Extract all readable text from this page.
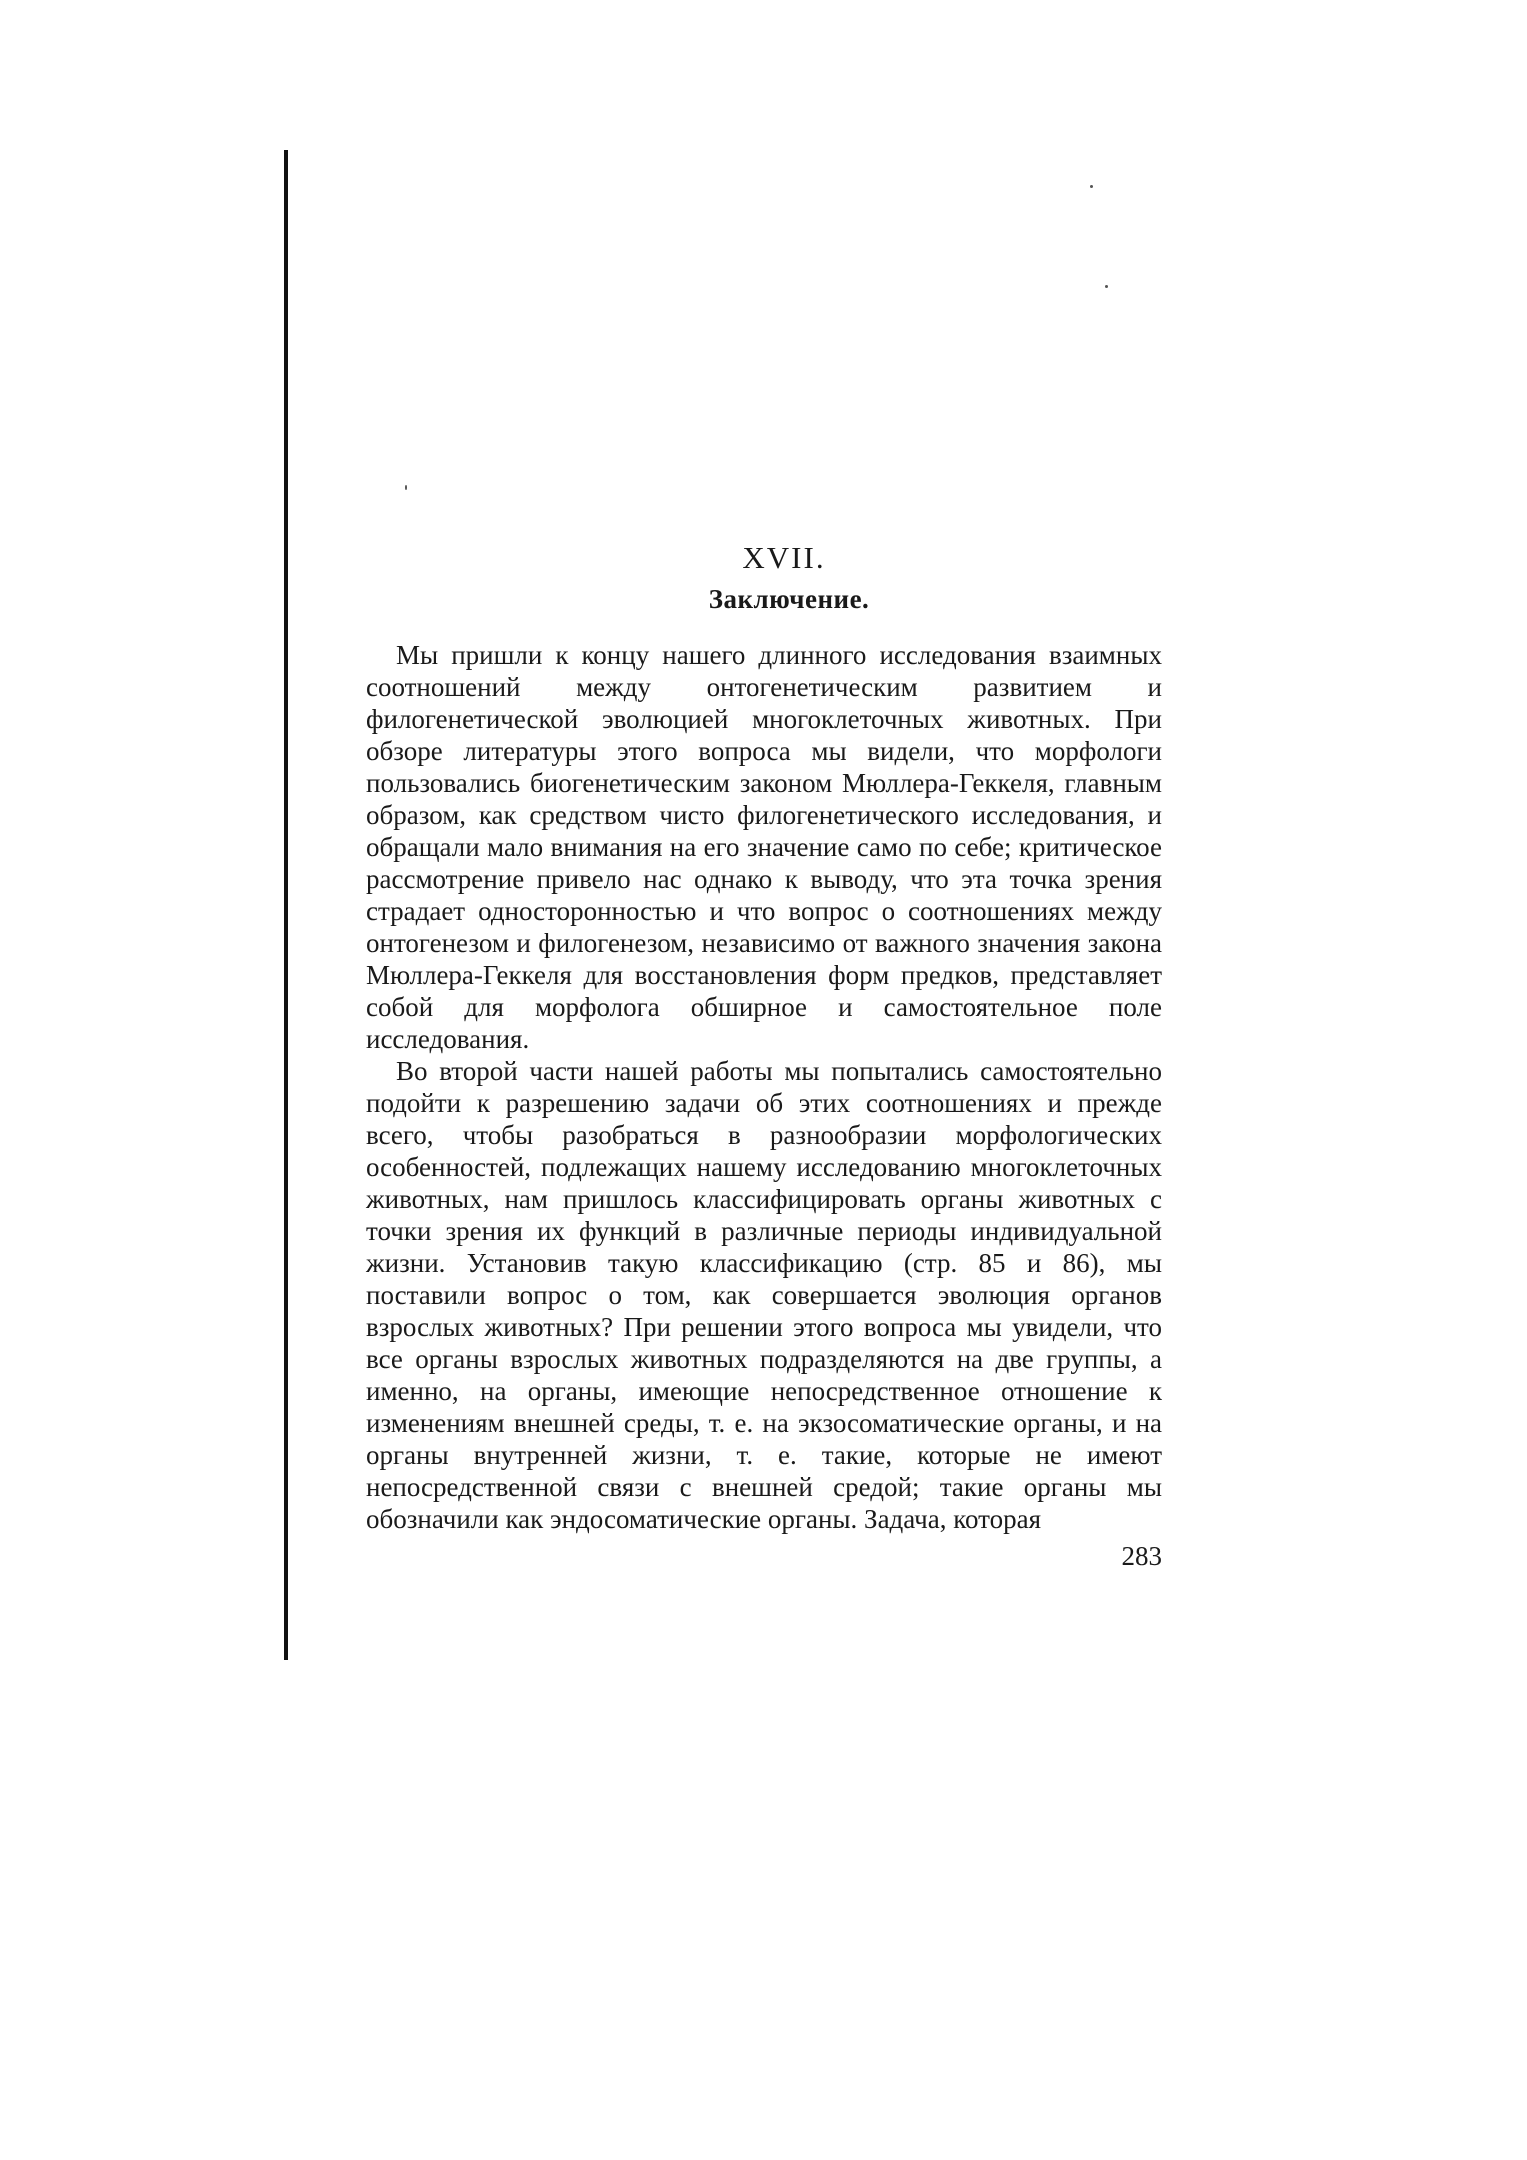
XVII.
Заключение.

Мы пришли к концу нашего длинного исследования взаимных соотношений между онтогенетическим развитием и филогенетической эволюцией многоклеточных животных. При обзоре литературы этого вопроса мы видели, что морфологи пользовались биогенетическим законом Мюллера-Геккеля, главным образом, как средством чисто филогенетического исследования, и обращали мало внимания на его значение само по себе; критическое рассмотрение привело нас однако к выводу, что эта точка зрения страдает односторонностью и что вопрос о соотношениях между онтогенезом и филогенезом, независимо от важного значения закона Мюллера-Геккеля для восстановления форм предков, представляет собой для морфолога обширное и самостоятельное поле исследования.

Во второй части нашей работы мы попытались самостоятельно подойти к разрешению задачи об этих соотношениях и прежде всего, чтобы разобраться в разнообразии морфологических особенностей, подлежащих нашему исследованию многоклеточных животных, нам пришлось классифицировать органы животных с точки зрения их функций в различные периоды индивидуальной жизни. Установив такую классификацию (стр. 85 и 86), мы поставили вопрос о том, как совершается эволюция органов взрослых животных? При решении этого вопроса мы увидели, что все органы взрослых животных подразделяются на две группы, а именно, на органы, имеющие непосредственное отношение к изменениям внешней среды, т. е. на экзосоматические органы, и на органы внутренней жизни, т. е. такие, которые не имеют непосредственной связи с внешней средой; такие органы мы обозначили как эндосоматические органы. Задача, которая

283
